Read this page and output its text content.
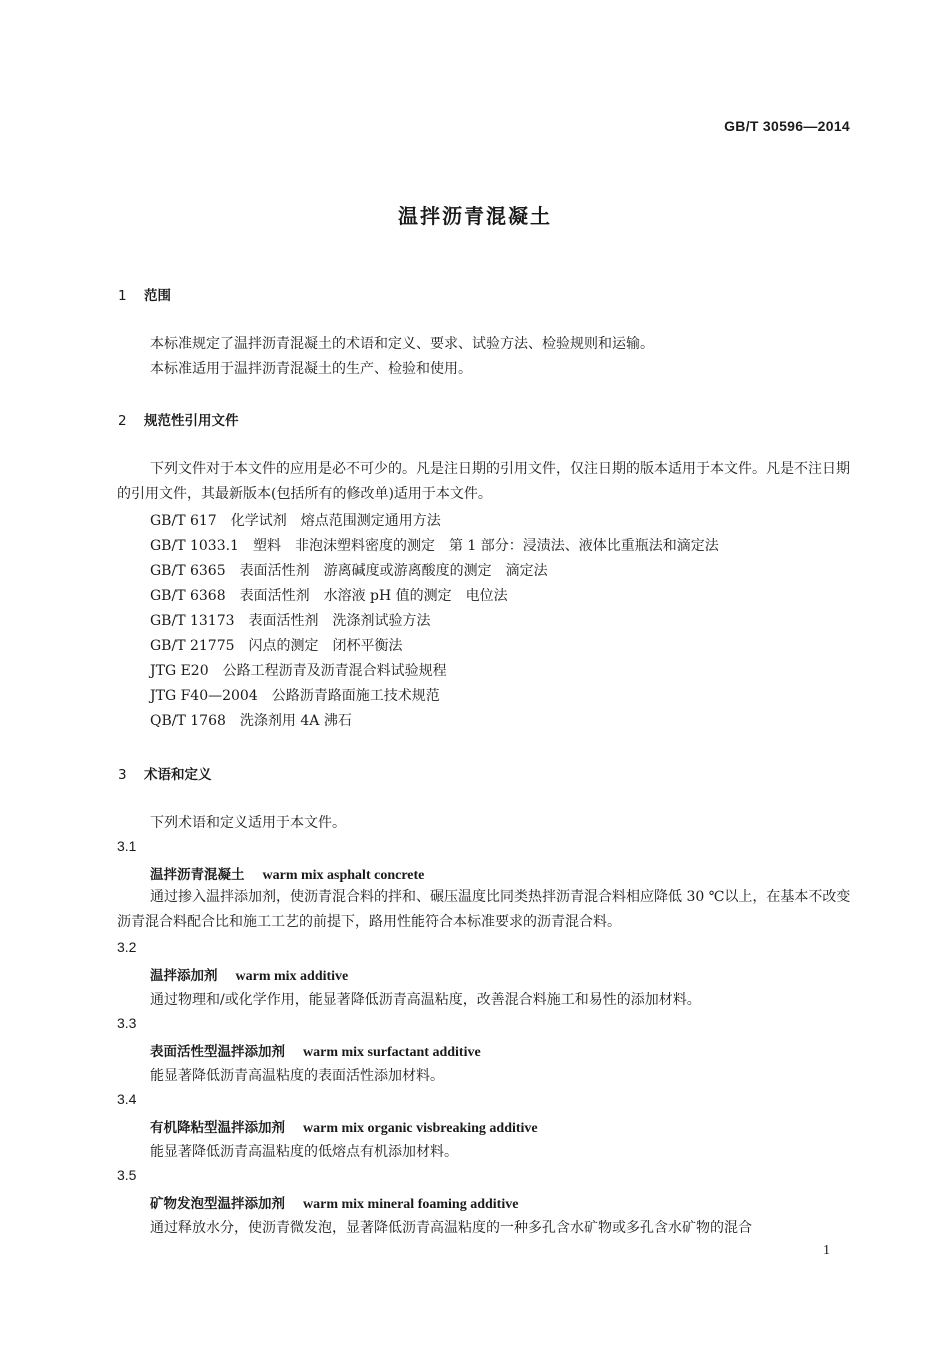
GB/T 30596—2014
温拌沥青混凝土
1 范围
本标准规定了温拌沥青混凝土的术语和定义、要求、试验方法、检验规则和运输。
本标准适用于温拌沥青混凝土的生产、检验和使用。
2 规范性引用文件
下列文件对于本文件的应用是必不可少的。凡是注日期的引用文件，仅注日期的版本适用于本文件。凡是不注日期的引用文件，其最新版本(包括所有的修改单)适用于本文件。
GB/T 617 化学试剂　熔点范围测定通用方法
GB/T 1033.1 塑料　非泡沫塑料密度的测定　第 1 部分：浸渍法、液体比重瓶法和滴定法
GB/T 6365 表面活性剂　游离碱度或游离酸度的测定　滴定法
GB/T 6368 表面活性剂　水溶液 pH 值的测定　电位法
GB/T 13173 表面活性剂　洗涤剂试验方法
GB/T 21775 闪点的测定　闭杯平衡法
JTG E20 公路工程沥青及沥青混合料试验规程
JTG F40—2004 公路沥青路面施工技术规范
QB/T 1768 洗涤剂用 4A 沸石
3 术语和定义
下列术语和定义适用于本文件。
3.1
温拌沥青混凝土 warm mix asphalt concrete
通过掺入温拌添加剂，使沥青混合料的拌和、碾压温度比同类热拌沥青混合料相应降低 30 ℃以上，在基本不改变沥青混合料配合比和施工工艺的前提下，路用性能符合本标准要求的沥青混合料。
3.2
温拌添加剂 warm mix additive
通过物理和/或化学作用，能显著降低沥青高温粘度，改善混合料施工和易性的添加材料。
3.3
表面活性型温拌添加剂 warm mix surfactant additive
能显著降低沥青高温粘度的表面活性添加材料。
3.4
有机降粘型温拌添加剂 warm mix organic visbreaking additive
能显著降低沥青高温粘度的低熔点有机添加材料。
3.5
矿物发泡型温拌添加剂 warm mix mineral foaming additive
通过释放水分，使沥青微发泡，显著降低沥青高温粘度的一种多孔含水矿物或多孔含水矿物的混合
1
